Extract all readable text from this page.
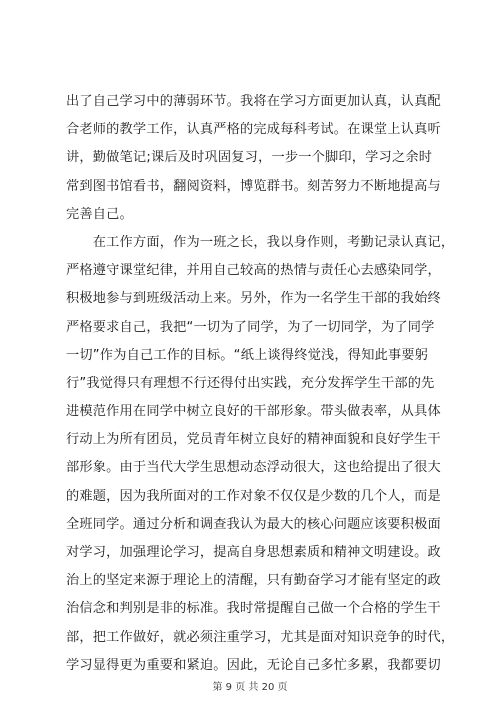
出了自己学习中的薄弱环节。我将在学习方面更加认真，认真配
合老师的教学工作，认真严格的完成每科考试。在课堂上认真听
讲，勤做笔记;课后及时巩固复习，一步一个脚印，学习之余时
常到图书馆看书，翻阅资料，博览群书。刻苦努力不断地提高与
完善自己。
　　在工作方面，作为一班之长，我以身作则，考勤记录认真记，
严格遵守课堂纪律，并用自己较高的热情与责任心去感染同学，
积极地参与到班级活动上来。另外，作为一名学生干部的我始终
严格要求自己，我把“一切为了同学，为了一切同学，为了同学
一切”作为自己工作的目标。“纸上谈得终觉浅，得知此事要躬
行”我觉得只有理想不行还得付出实践，充分发挥学生干部的先
进模范作用在同学中树立良好的干部形象。带头做表率，从具体
行动上为所有团员，党员青年树立良好的精神面貌和良好学生干
部形象。由于当代大学生思想动态浮动很大，这也给提出了很大
的难题，因为我所面对的工作对象不仅仅是少数的几个人，而是
全班同学。通过分析和调查我认为最大的核心问题应该要积极面
对学习，加强理论学习，提高自身思想素质和精神文明建设。政
治上的坚定来源于理论上的清醒，只有勤奋学习才能有坚定的政
治信念和判别是非的标准。我时常提醒自己做一个合格的学生干
部，把工作做好，就必须注重学习，尤其是面对知识竞争的时代，
学习显得更为重要和紧迫。因此，无论自己多忙多累，我都要切
第 9 页 共 20 页
